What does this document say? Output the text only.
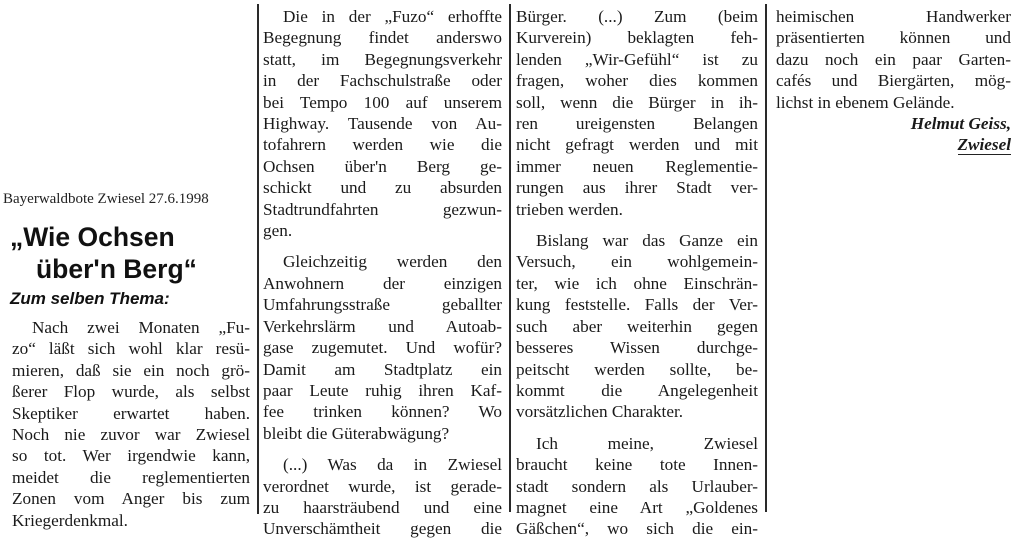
Bayerwaldbote Zwiesel 27.6.1998
„Wie Ochsen
über'n Berg“
Zum selben Thema:
Nach zwei Monaten „Fu-
zo“ läßt sich wohl klar resü-
mieren, daß sie ein noch grö-
ßerer Flop wurde, als selbst
Skeptiker erwartet haben.
Noch nie zuvor war Zwiesel
so tot. Wer irgendwie kann,
meidet die reglementierten
Zonen vom Anger bis zum
Kriegerdenkmal.
Die in der „Fuzo“ erhoffte
Begegnung findet anderswo
statt, im Begegnungsverkehr
in der Fachschulstraße oder
bei Tempo 100 auf unserem
Highway. Tausende von Au-
tofahrern werden wie die
Ochsen über'n Berg ge-
schickt und zu absurden
Stadtrundfahrten gezwun-
gen.
Gleichzeitig werden den
Anwohnern der einzigen
Umfahrungsstraße geballter
Verkehrslärm und Autoab-
gase zugemutet. Und wofür?
Damit am Stadtplatz ein
paar Leute ruhig ihren Kaf-
fee trinken können? Wo
bleibt die Güterabwägung?
(...) Was da in Zwiesel
verordnet wurde, ist gerade-
zu haarsträubend und eine
Unverschämtheit gegen die
Bürger. (...) Zum (beim
Kurverein) beklagten feh-
lenden „Wir-Gefühl“ ist zu
fragen, woher dies kommen
soll, wenn die Bürger in ih-
ren ureigensten Belangen
nicht gefragt werden und mit
immer neuen Reglementie-
rungen aus ihrer Stadt ver-
trieben werden.
Bislang war das Ganze ein
Versuch, ein wohlgemein-
ter, wie ich ohne Einschrän-
kung feststelle. Falls der Ver-
such aber weiterhin gegen
besseres Wissen durchge-
peitscht werden sollte, be-
kommt die Angelegenheit
vorsätzlichen Charakter.
Ich meine, Zwiesel
braucht keine tote Innen-
stadt sondern als Urlauber-
magnet eine Art „Goldenes
Gäßchen“, wo sich die ein-
heimischen Handwerker
präsentierten können und
dazu noch ein paar Garten-
cafés und Biergärten, mög-
lichst in ebenem Gelände.
Helmut Geiss,
Zwiesel
